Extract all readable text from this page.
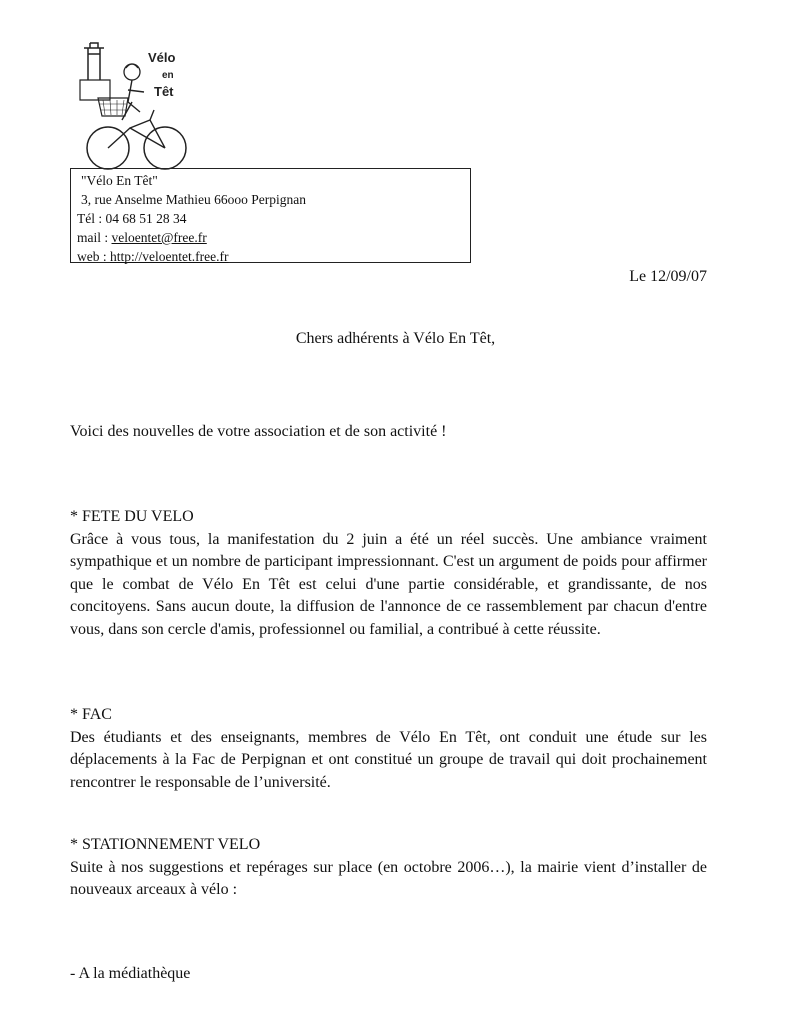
Vélo
en
Têt
"Vélo En Têt"
3, rue Anselme Mathieu 66ooo Perpignan
Tél : 04 68 51 28 34
mail : veloentet@free.fr
web : http://veloentet.free.fr
Le 12/09/07
Chers adhérents à Vélo En Têt,
Voici des nouvelles de votre association et de son activité !
* FETE DU VELO
Grâce à vous tous, la manifestation du 2 juin a été un réel succès. Une ambiance vraiment sympathique et un nombre de participant impressionnant. C'est un argument de poids pour affirmer que le combat de Vélo En Têt est celui d'une partie considérable, et grandissante, de nos concitoyens. Sans aucun doute, la diffusion de l'annonce de ce rassemblement par chacun d'entre vous, dans son cercle d'amis, professionnel ou familial, a contribué à cette réussite.
* FAC
Des étudiants et des enseignants, membres de Vélo En Têt, ont conduit une étude sur les déplacements à la Fac de Perpignan et ont constitué un groupe de travail qui doit prochainement rencontrer le responsable de l’université.
* STATIONNEMENT VELO
Suite à nos suggestions et repérages sur place (en octobre 2006…), la mairie vient d’installer de nouveaux arceaux à vélo :
- A la médiathèque
